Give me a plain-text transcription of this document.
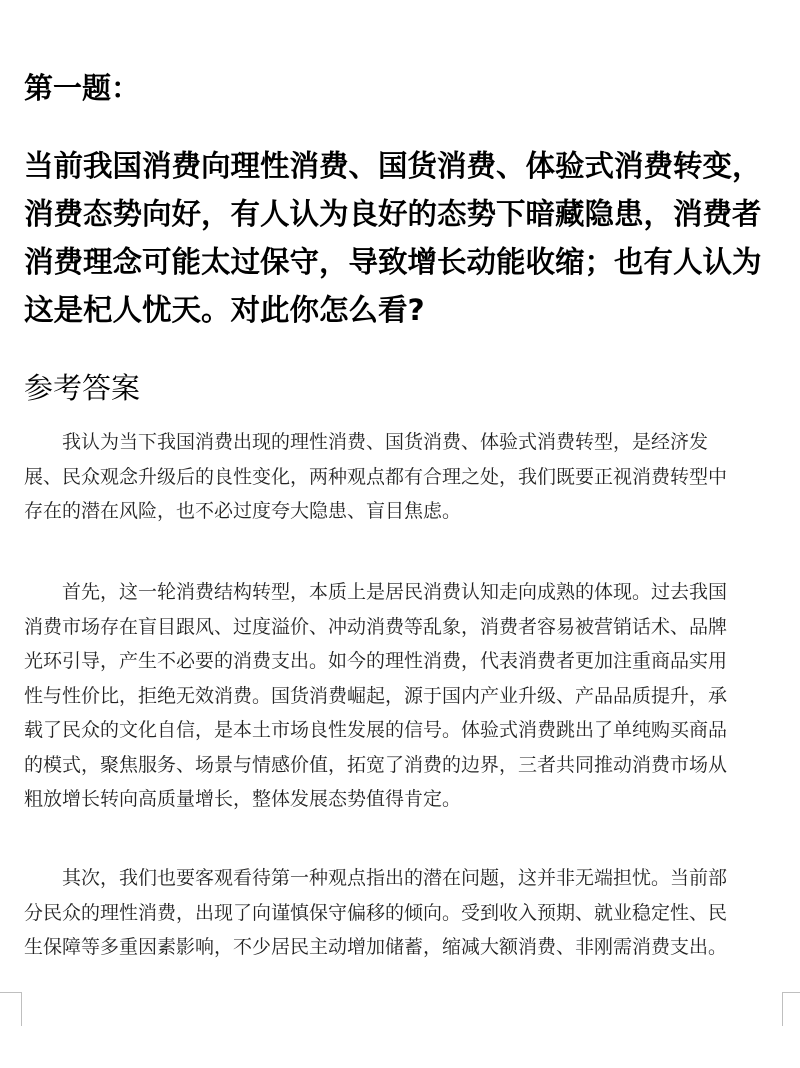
第一题：
当前我国消费向理性消费、国货消费、体验式消费转变，
消费态势向好，有人认为良好的态势下暗藏隐患，消费者
消费理念可能太过保守，导致增长动能收缩；也有人认为
这是杞人忧天。对此你怎么看?
参考答案

　　我认为当下我国消费出现的理性消费、国货消费、体验式消费转型，是经济发
展、民众观念升级后的良性变化，两种观点都有合理之处，我们既要正视消费转型中
存在的潜在风险，也不必过度夸大隐患、盲目焦虑。

　　首先，这一轮消费结构转型，本质上是居民消费认知走向成熟的体现。过去我国
消费市场存在盲目跟风、过度溢价、冲动消费等乱象，消费者容易被营销话术、品牌
光环引导，产生不必要的消费支出。如今的理性消费，代表消费者更加注重商品实用
性与性价比，拒绝无效消费。国货消费崛起，源于国内产业升级、产品品质提升，承
载了民众的文化自信，是本土市场良性发展的信号。体验式消费跳出了单纯购买商品
的模式，聚焦服务、场景与情感价值，拓宽了消费的边界，三者共同推动消费市场从
粗放增长转向高质量增长，整体发展态势值得肯定。

　　其次，我们也要客观看待第一种观点指出的潜在问题，这并非无端担忧。当前部
分民众的理性消费，出现了向谨慎保守偏移的倾向。受到收入预期、就业稳定性、民
生保障等多重因素影响，不少居民主动增加储蓄，缩减大额消费、非刚需消费支出。
